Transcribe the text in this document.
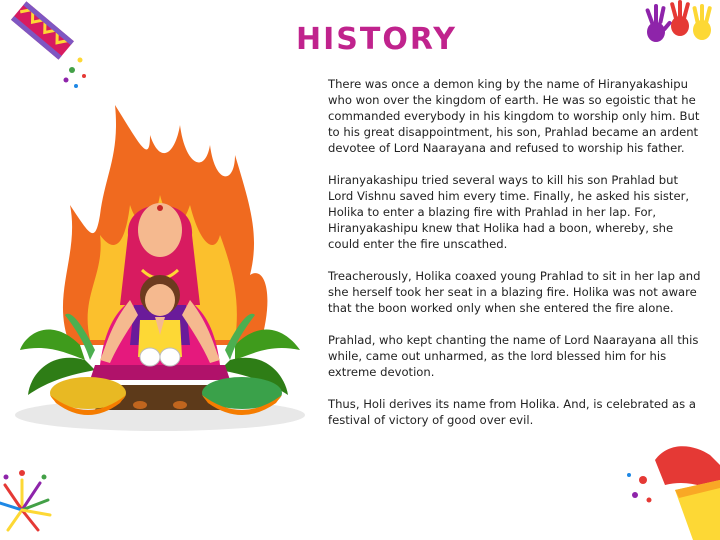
HISTORY

There was once a demon king by the name of Hiranyakashipu who won over the kingdom of earth. He was so egoistic that he commanded everybody in his kingdom to worship only him. But to his great disappointment, his son, Prahlad became an ardent devotee of Lord Naarayana and refused to worship his father.

Hiranyakashipu tried several ways to kill his son Prahlad but Lord Vishnu saved him every time. Finally, he asked his sister, Holika to enter a blazing fire with Prahlad in her lap. For, Hiranyakashipu knew that Holika had a boon, whereby, she could enter the fire unscathed.

Treacherously, Holika coaxed young Prahlad to sit in her lap and she herself took her seat in a blazing fire. Holika was not aware that the boon worked only when she entered the fire alone.

Prahlad, who kept chanting the name of Lord Naarayana all this while, came out unharmed, as the lord blessed him for his extreme devotion.

Thus, Holi derives its name from Holika. And, is celebrated as a festival of victory of good over evil.
